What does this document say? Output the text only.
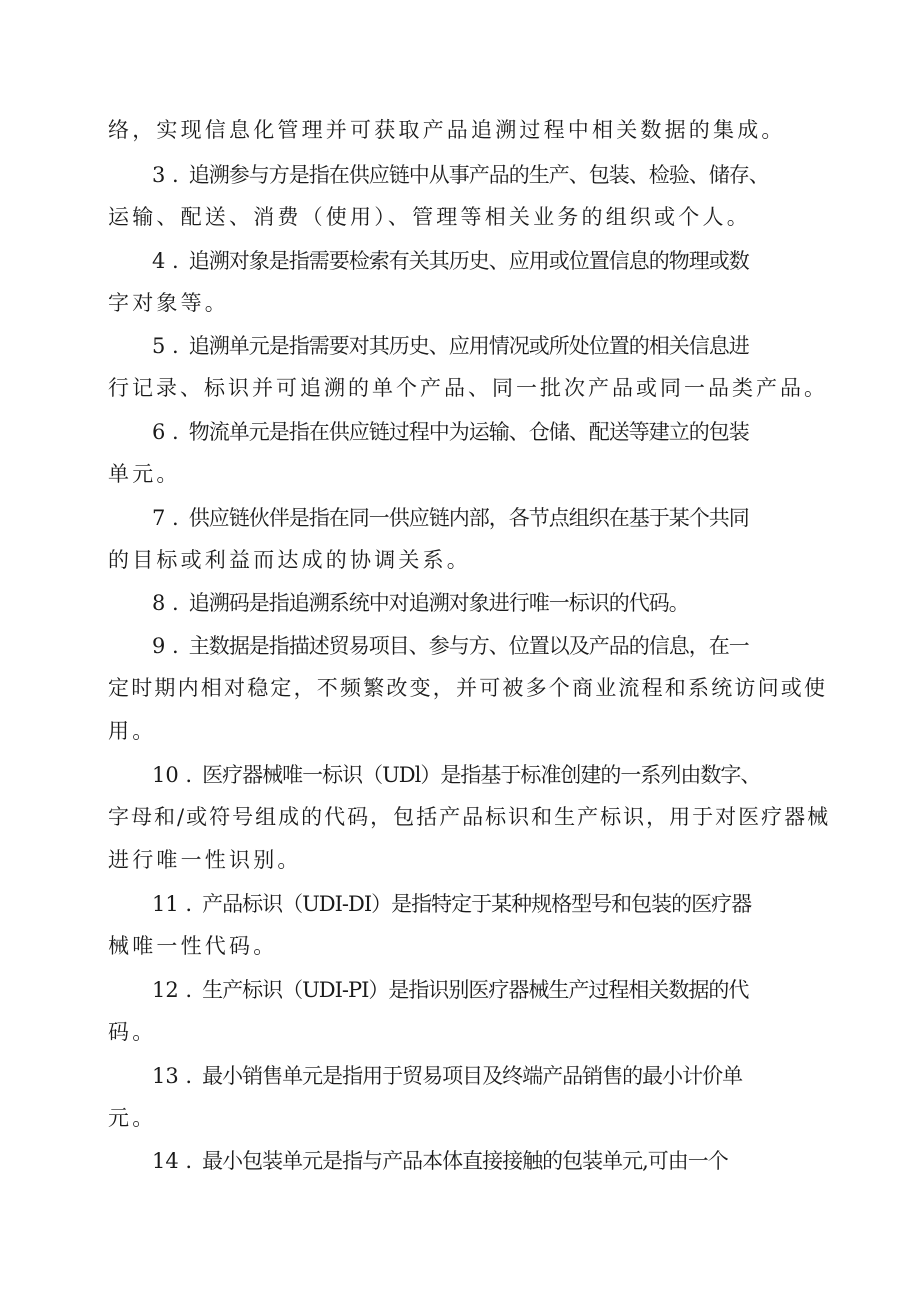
络，实现信息化管理并可获取产品追溯过程中相关数据的集成。
3 . 追溯参与方是指在供应链中从事产品的生产、包装、检验、储存、
运输、配送、消费（使用）、管理等相关业务的组织或个人。
4 . 追溯对象是指需要检索有关其历史、应用或位置信息的物理或数
字对象等。
5 . 追溯单元是指需要对其历史、应用情况或所处位置的相关信息进
行记录、标识并可追溯的单个产品、同一批次产品或同一品类产品。
6 . 物流单元是指在供应链过程中为运输、仓储、配送等建立的包装
单元。
7 . 供应链伙伴是指在同一供应链内部，各节点组织在基于某个共同
的目标或利益而达成的协调关系。
8 . 追溯码是指追溯系统中对追溯对象进行唯一标识的代码。
9 . 主数据是指描述贸易项目、参与方、位置以及产品的信息，在一
定时期内相对稳定，不频繁改变，并可被多个商业流程和系统访问或使
用。
10 . 医疗器械唯一标识（UDl）是指基于标准创建的一系列由数字、
字母和/或符号组成的代码，包括产品标识和生产标识，用于对医疗器械
进行唯一性识别。
11 . 产品标识（UDI-DI）是指特定于某种规格型号和包装的医疗器
械唯一性代码。
12 . 生产标识（UDI-PI）是指识别医疗器械生产过程相关数据的代
码。
13 . 最小销售单元是指用于贸易项目及终端产品销售的最小计价单
元。
14 . 最小包装单元是指与产品本体直接接触的包装单元,可由一个
